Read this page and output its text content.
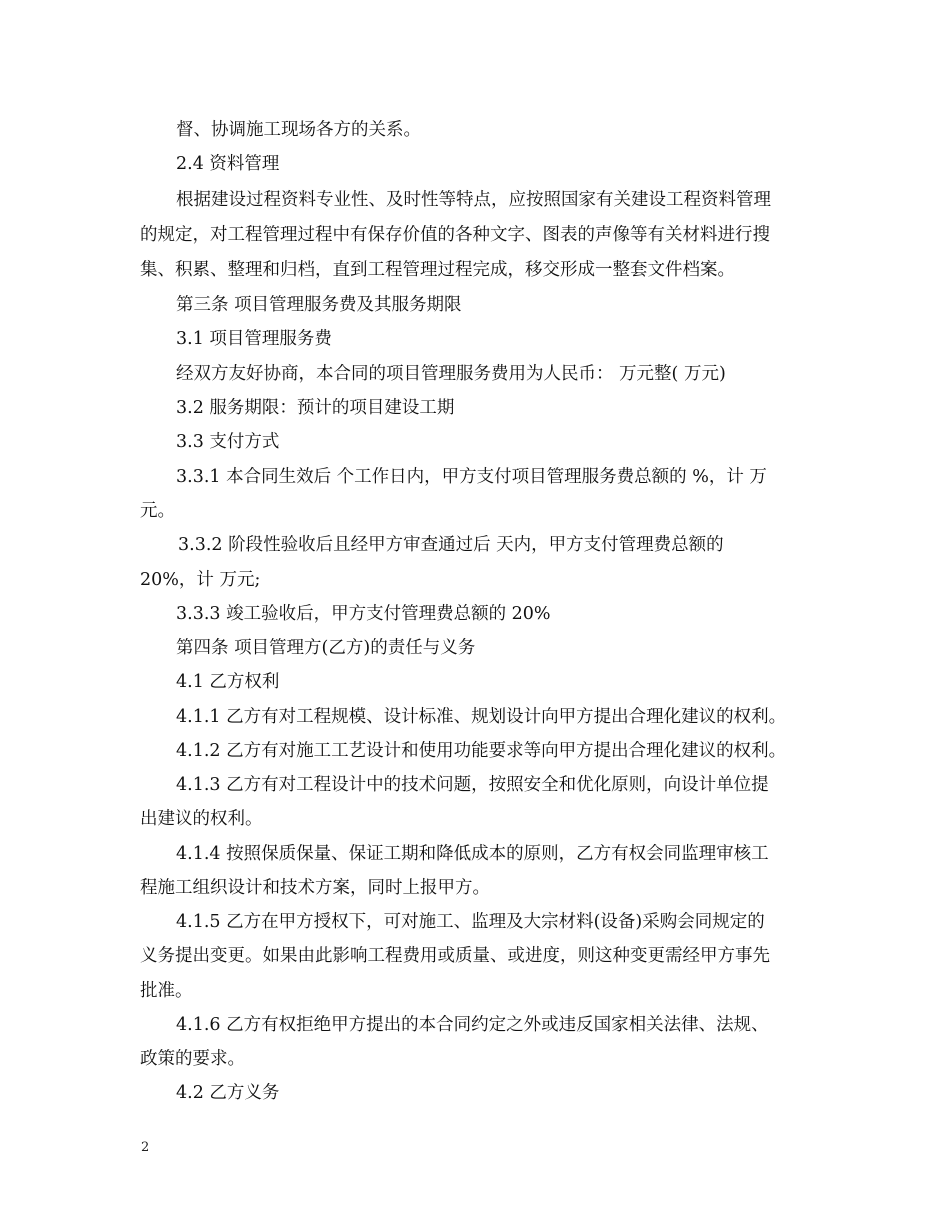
督、协调施工现场各方的关系。
2.4 资料管理
根据建设过程资料专业性、及时性等特点，应按照国家有关建设工程资料管理
的规定，对工程管理过程中有保存价值的各种文字、图表的声像等有关材料进行搜
集、积累、整理和归档，直到工程管理过程完成，移交形成一整套文件档案。
第三条 项目管理服务费及其服务期限
3.1 项目管理服务费
经双方友好协商，本合同的项目管理服务费用为人民币： 万元整( 万元)
3.2 服务期限：预计的项目建设工期
3.3 支付方式
3.3.1 本合同生效后 个工作日内，甲方支付项目管理服务费总额的 %，计 万
元。
3.3.2 阶段性验收后且经甲方审查通过后 天内，甲方支付管理费总额的
20%，计 万元;
3.3.3 竣工验收后，甲方支付管理费总额的 20%
第四条 项目管理方(乙方)的责任与义务
4.1 乙方权利
4.1.1 乙方有对工程规模、设计标准、规划设计向甲方提出合理化建议的权利。
4.1.2 乙方有对施工工艺设计和使用功能要求等向甲方提出合理化建议的权利。
4.1.3 乙方有对工程设计中的技术问题，按照安全和优化原则，向设计单位提
出建议的权利。
4.1.4 按照保质保量、保证工期和降低成本的原则，乙方有权会同监理审核工
程施工组织设计和技术方案，同时上报甲方。
4.1.5 乙方在甲方授权下，可对施工、监理及大宗材料(设备)采购会同规定的
义务提出变更。如果由此影响工程费用或质量、或进度，则这种变更需经甲方事先
批准。
4.1.6 乙方有权拒绝甲方提出的本合同约定之外或违反国家相关法律、法规、
政策的要求。
4.2 乙方义务
2
